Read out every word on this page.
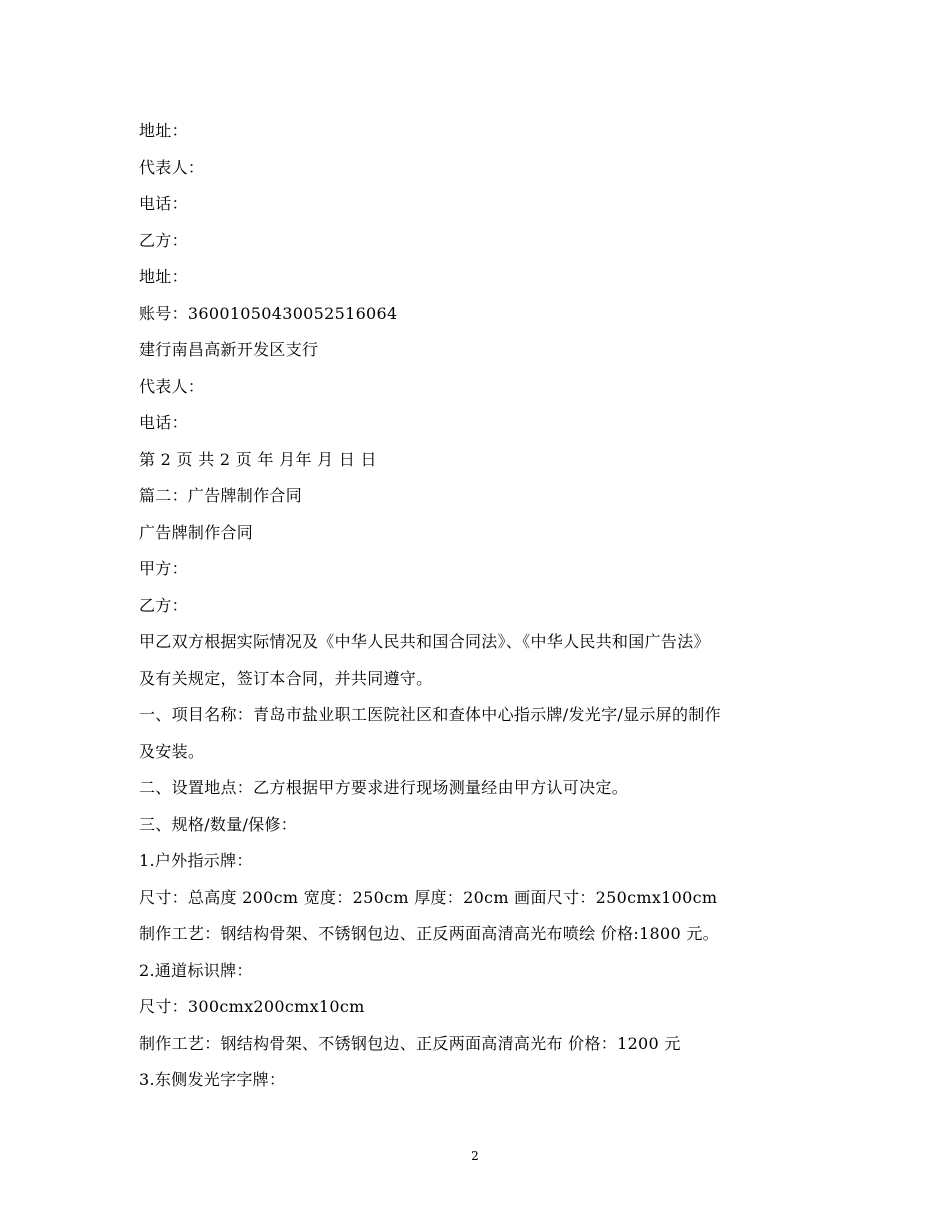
地址：
代表人：
电话：
乙方：
地址：
账号：36001050430052516064
建行南昌高新开发区支行
代表人：
电话：
第 2 页 共 2 页 年 月年 月 日 日
篇二：广告牌制作合同
广告牌制作合同
甲方：
乙方：
甲乙双方根据实际情况及《中华人民共和国合同法》、《中华人民共和国广告法》
及有关规定，签订本合同，并共同遵守。
一、项目名称：青岛市盐业职工医院社区和查体中心指示牌/发光字/显示屏的制作
及安装。
二、设置地点：乙方根据甲方要求进行现场测量经由甲方认可决定。
三、规格/数量/保修：
1.户外指示牌：
尺寸：总高度 200cm 宽度：250cm 厚度：20cm 画面尺寸：250cmx100cm
制作工艺：钢结构骨架、不锈钢包边、正反两面高清高光布喷绘 价格:1800 元。
2.通道标识牌：
尺寸：300cmx200cmx10cm
制作工艺：钢结构骨架、不锈钢包边、正反两面高清高光布 价格：1200 元
3.东侧发光字字牌：
2
